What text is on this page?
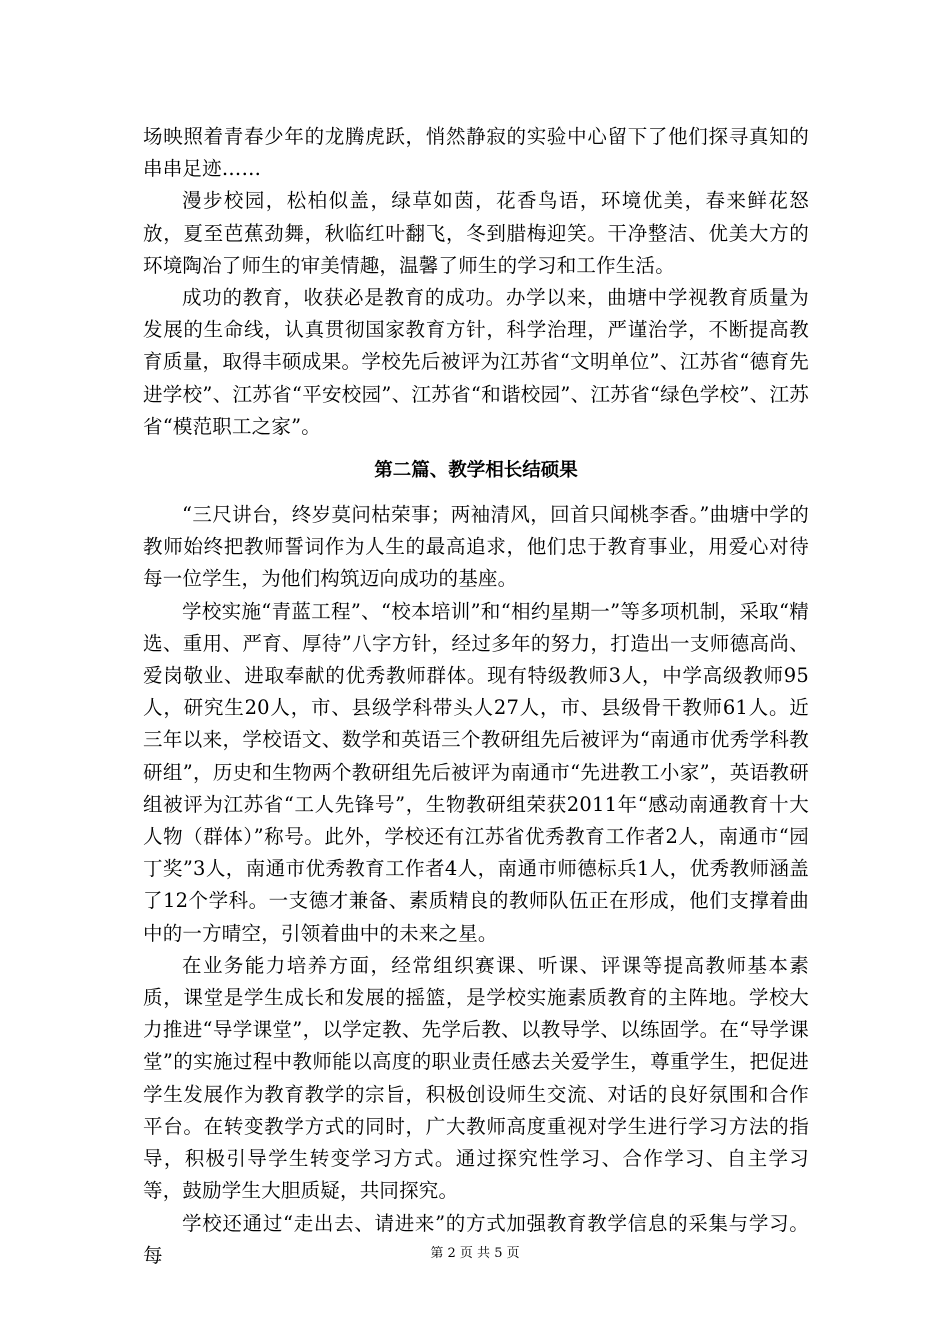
场映照着青春少年的龙腾虎跃，悄然静寂的实验中心留下了他们探寻真知的串串足迹……

漫步校园，松柏似盖，绿草如茵，花香鸟语，环境优美，春来鲜花怒放，夏至芭蕉劲舞，秋临红叶翻飞，冬到腊梅迎笑。干净整洁、优美大方的环境陶冶了师生的审美情趣，温馨了师生的学习和工作生活。

成功的教育，收获必是教育的成功。办学以来，曲塘中学视教育质量为发展的生命线，认真贯彻国家教育方针，科学治理，严谨治学，不断提高教育质量，取得丰硕成果。学校先后被评为江苏省“文明单位”、江苏省“德育先进学校”、江苏省“平安校园”、江苏省“和谐校园”、江苏省“绿色学校”、江苏省“模范职工之家”。

第二篇、教学相长结硕果

“三尺讲台，终岁莫问枯荣事；两袖清风，回首只闻桃李香。”曲塘中学的教师始终把教师誓词作为人生的最高追求，他们忠于教育事业，用爱心对待每一位学生，为他们构筑迈向成功的基座。

学校实施“青蓝工程”、“校本培训”和“相约星期一”等多项机制，采取“精选、重用、严育、厚待”八字方针，经过多年的努力，打造出一支师德高尚、爱岗敬业、进取奉献的优秀教师群体。现有特级教师3人，中学高级教师95人，研究生20人，市、县级学科带头人27人，市、县级骨干教师61人。近三年以来，学校语文、数学和英语三个教研组先后被评为“南通市优秀学科教研组”，历史和生物两个教研组先后被评为南通市“先进教工小家”，英语教研组被评为江苏省“工人先锋号”，生物教研组荣获2011年“感动南通教育十大人物（群体）”称号。此外，学校还有江苏省优秀教育工作者2人，南通市“园丁奖”3人，南通市优秀教育工作者4人，南通市师德标兵1人，优秀教师涵盖了12个学科。一支德才兼备、素质精良的教师队伍正在形成，他们支撑着曲中的一方晴空，引领着曲中的未来之星。

在业务能力培养方面，经常组织赛课、听课、评课等提高教师基本素质，课堂是学生成长和发展的摇篮，是学校实施素质教育的主阵地。学校大力推进“导学课堂”，以学定教、先学后教、以教导学、以练固学。在“导学课堂”的实施过程中教师能以高度的职业责任感去关爱学生，尊重学生，把促进学生发展作为教育教学的宗旨，积极创设师生交流、对话的良好氛围和合作平台。在转变教学方式的同时，广大教师高度重视对学生进行学习方法的指导，积极引导学生转变学习方式。通过探究性学习、合作学习、自主学习等，鼓励学生大胆质疑，共同探究。

学校还通过“走出去、请进来”的方式加强教育教学信息的采集与学习。每	第 2 页 共 5 页
